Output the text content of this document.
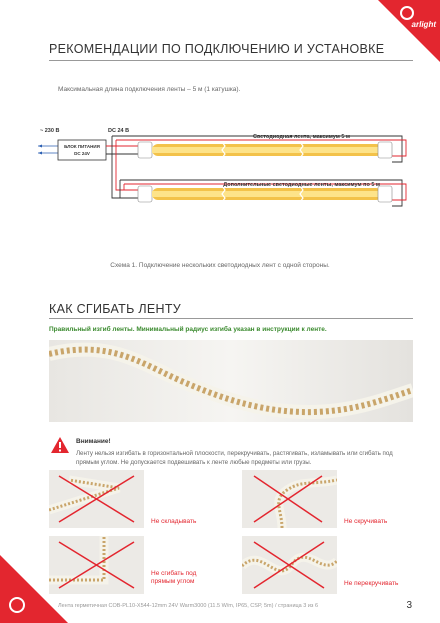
arlight
РЕКОМЕНДАЦИИ ПО ПОДКЛЮЧЕНИЮ И УСТАНОВКЕ
Максимальная длина подключения ленты – 5 м (1 катушка).
~ 230 В	DC 24 В
БЛОК ПИТАНИЯ
DC 24V
Светодиодная лента, максимум 5 м
Дополнительные светодиодные ленты, максимум по 5 м
Схема 1. Подключение нескольких светодиодных лент с одной стороны.
КАК СГИБАТЬ ЛЕНТУ
Правильный изгиб ленты. Минимальный радиус изгиба указан в инструкции к ленте.
Внимание!
Ленту нельзя изгибать в горизонтальной плоскости, перекручивать, растягивать, изламывать или сгибать под прямым углом. Не допускается подвешивать к ленте любые предметы или грузы.
Не складывать	Не скручивать
Не сгибать под прямым углом	Не перекручивать
Лента герметичная COB-PL10-X544-12mm 24V Warm3000 (11.5 W/m, IP65, CSP, 5m) / страница 3 из 6	3
